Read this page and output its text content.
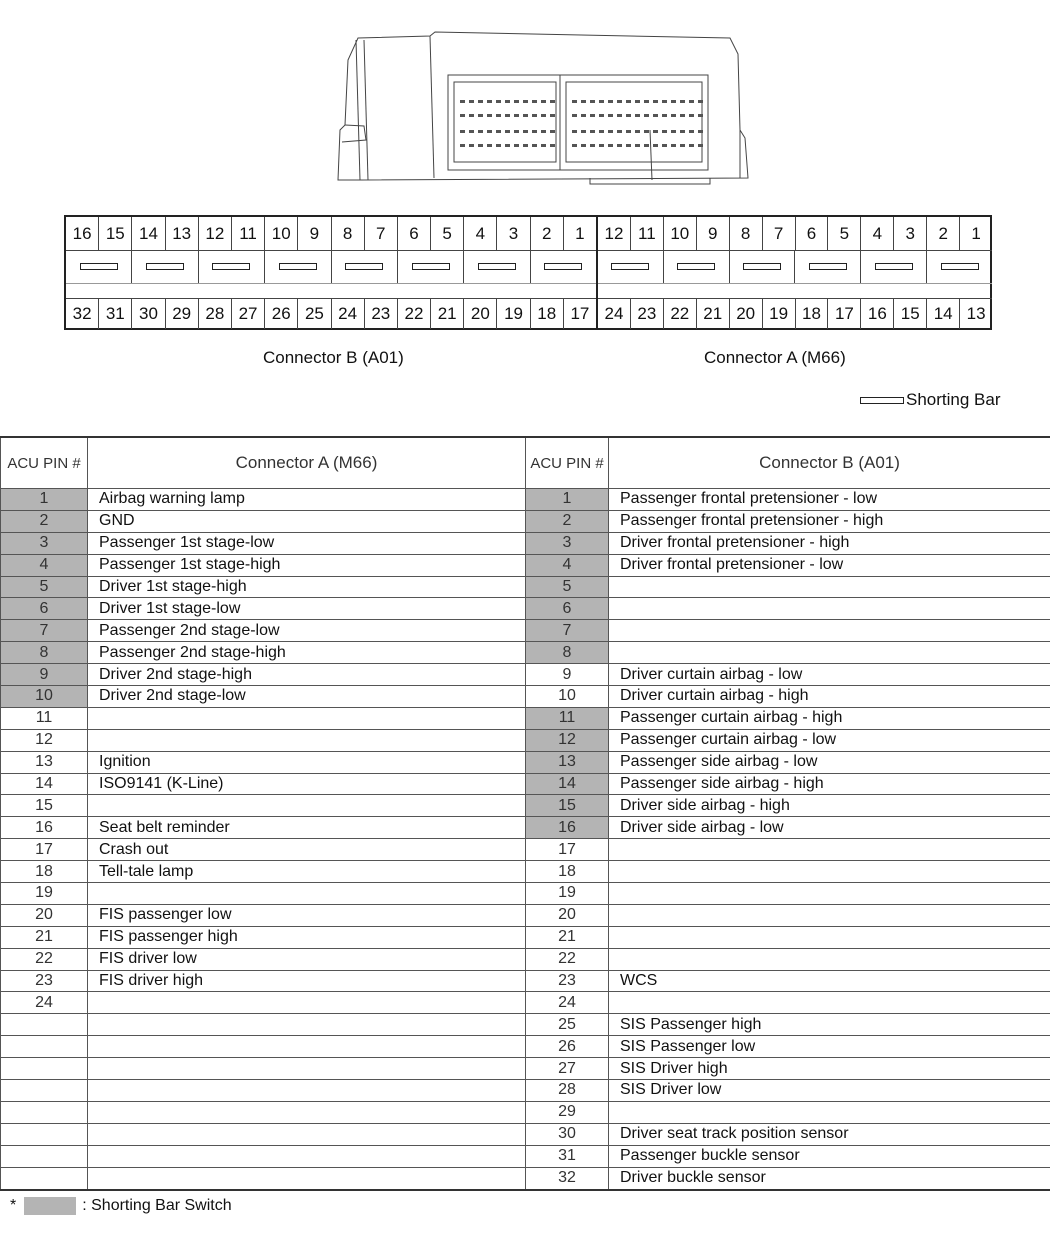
16 15 14 13 12 11 10	9	8	7	6	5	4	3	2	1
32 31 30 29 28 27 26 25 24 23 22 21 20 19 18 17
12 11 10	9	8	7	6	5	4	3	2	1
24 23 22 21 20 19 18 17 16 15 14 13
Connector B (A01)	Connector A (M66)
Shorting Bar
ACU PIN #	Connector A (M66)	ACU PIN #	Connector B (A01)
1	Airbag warning lamp	1	Passenger frontal pretensioner - low
2	GND	2	Passenger frontal pretensioner - high
3	Passenger 1st stage-low	3	Driver frontal pretensioner - high
4	Passenger 1st stage-high	4	Driver frontal pretensioner - low
5	Driver 1st stage-high	5	
6	Driver 1st stage-low	6	
7	Passenger 2nd stage-low	7	
8	Passenger 2nd stage-high	8	
9	Driver 2nd stage-high	9	Driver curtain airbag - low
10	Driver 2nd stage-low	10	Driver curtain airbag - high
11		11	Passenger curtain airbag - high
12		12	Passenger curtain airbag - low
13	Ignition	13	Passenger side airbag - low
14	ISO9141 (K-Line)	14	Passenger side airbag - high
15		15	Driver side airbag - high
16	Seat belt reminder	16	Driver side airbag - low
17	Crash out	17	
18	Tell-tale lamp	18	
19		19	
20	FIS passenger low	20	
21	FIS passenger high	21	
22	FIS driver low	22	
23	FIS driver high	23	WCS
24		24	
		25	SIS Passenger high
		26	SIS Passenger low
		27	SIS Driver high
		28	SIS Driver low
		29	
		30	Driver seat track position sensor
		31	Passenger buckle sensor
		32	Driver buckle sensor
*	: Shorting Bar Switch
